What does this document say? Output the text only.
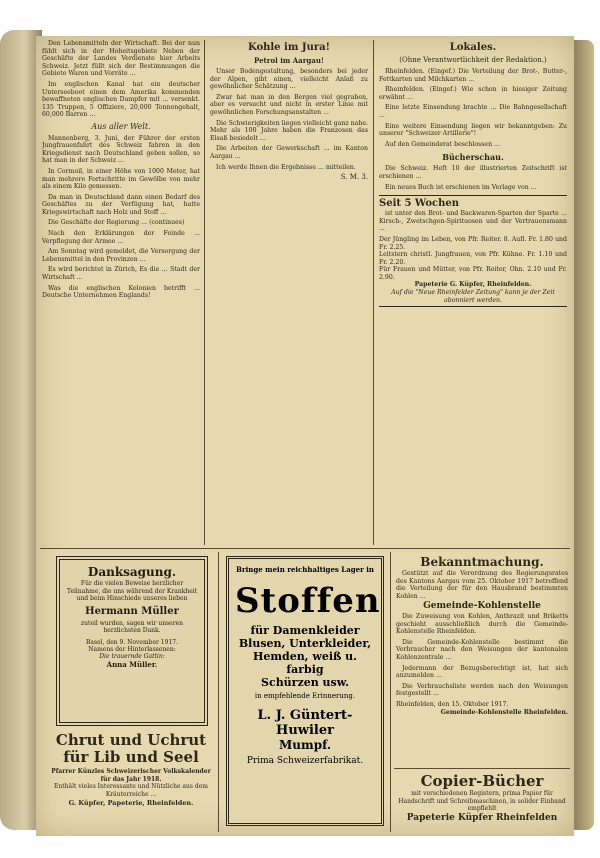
Den Lebensmitteln der Wirtschaft. Bei der nun fühlt sich in der Hoheitsgebiete Neben der Geschäfte der Landes Verdienste hier Arbeits Schweiz. Jetzt füllt sich der Bestimmungen die Gebiete Waren und Vorräte ...

Im englischen Kanal hat ein deutscher Unterseeboot einen dem Amerika kommenden bewaffneten englischen Dampfer mit ... versenkt. 135 Truppen, 5 Offiziere, 20,000 Tonnengehalt, 60,000 Barren ...

Aus aller Welt.

Mannenberg, 3. Juni, der Führer der ersten Jungfrauenfahrt des Schweiz fahren in den Kriegsdienst nach Deutschland geben sollen, so hat man in der Schweiz ...

In Cormoil, in einer Höhe von 1000 Meter, hat man mehrere Fortschritte im Gewölbe von mehr als einem Kilo gemessen.

Da man in Deutschland dann einen Bedarf des Geschäftes zu der Verfügung hat, hatte Kriegswirtschaft nach Holz und Stoff ...

Die Geschäfte der Regierung ... (continues)

Nach den Erklärungen der Feinde ... Verpflegung der Armee ...

Am Sonntag wird gemeldet, die Versorgung der Lebensmittel in den Provinzen ...

Es wird berichtet in Zürich, Es die ... Stadt der Wirtschaft ...

Was die englischen Kolonien betrifft ... Deutsche Unternehmen Englands!

Kohle im Jura!
Petrol im Aargau!

Unser Bodengestaltung, besonders bei jeder der Alpen, gibt einen, vielleicht Anlaß zu gewöhnlicher Schätzung ...

Zwar hat man in den Bergen viel gegraben, aber es versucht und nicht in erster Linie mit gewöhnlichen Forschungsanstalten ...

Die Schwierigkeiten liegen vielleicht ganz nahe. Mehr als 100 Jahre haben die Franzosen das Elsaß besiedelt ...

Die Arbeiten der Gewerkschaft ... im Kanton Aargau ...

Ich werde Ihnen die Ergebnisse ... mitteilen.

S. M. 3.
Lokales.
(Ohne Verantwortlichkeit der Redaktion.)

Rheinfelden. (Eingef.) Die Verteilung der Brot-, Butter-, Fettkarten und Milchkarten ...

Rheinfelden. (Eingef.) Wie schon in hiesiger Zeitung erwähnt ...

Eine letzte Einsendung brachte ... Die Bahngesellschaft ...

Eine weitere Einsendung liegen wir bekanntgeben: Zu unserer "Schweizer Artillerie"!

Auf den Gemeinderat beschlossen ...

Bücherschau.

Die Schweiz. Heft 10 der illustrierten Zeitschrift ist erschienen ...

Ein neues Buch ist erschienen im Verlage von ...

Seit 5 Wochen

ist unter den Brot- und Backwaren-Sparten der Sparte ... Kirsch-, Zwetschgen-Spirituosen und der Vertrauensmann ...

Der Jüngling im Leben, von Pfr. Reiter. 8. Aufl. Fr. 1.80 und Fr. 2.25.
Leitstern christl. Jungfrauen, von Pfr. Kühne. Fr. 1.10 und Fr. 2.20.
Für Frauen und Mütter, von Pfr. Reiter, Ohn. 2.10 und Fr. 2.90.
Papeterie G. Küpfer, Rheinfelden.
Auf die "Neue Rheinfelder Zeitung" kann je der Zeit abonniert werden.
Danksagung.
Für die vielen Beweise herzlicher Teilnahme, die uns während der Krankheit und beim Hinschiede unseres lieben
Hermann Müller
zuteil wurden, sagen wir unseren herzlichsten Dank.
Basel, den 9. November 1917.
Namens der Hinterlassenen:
Die trauernde Gattin:
Anna Müller.
Chrut und Uchrut
für Lib und Seel
Pfarrer Künzles Schweizerischer Volkskalender für das Jahr 1918.
Enthält vieles Interessante und Nützliche aus dem Kräuterreiche ...
G. Küpfer, Papeterie, Rheinfelden.
Bringe mein reichhaltiges Lager in
Stoffen
für Damenkleider
Blusen, Unterkleider,
Hemden, weiß u. farbig
Schürzen usw.
in empfehlende Erinnerung.
L. J. Güntert-Huwiler
Mumpf.
Prima Schweizerfabrikat.
Bekanntmachung.

Gestützt auf die Verordnung des Regierungsrates des Kantons Aargau vom 25. Oktober 1917 betreffend die Verteilung der für den Hausbrand bestimmten Kohlen ...

Gemeinde-Kohlenstelle

Die Zuweisung von Kohlen, Anthrazit und Briketts geschieht ausschließlich durch die Gemeinde-Kohlenstelle Rheinfelden.

Die Gemeinde-Kohlenstelle bestimmt die Verbraucher nach den Weisungen der kantonalen Kohlenzentrale ...

Jedermann der Bezugsberechtigt ist, hat sich anzumelden ...

Die Verbrauchsliste werden nach den Weisungen festgestellt ...

Rheinfelden, den 15. Oktober 1917.
Gemeinde-Kohlenstelle Rheinfelden.
Copier-Bücher
mit verschiedenen Registern, prima Papier für Handschrift und Schreibmaschinen, in solider Einband empfiehlt
Papeterie Küpfer Rheinfelden
